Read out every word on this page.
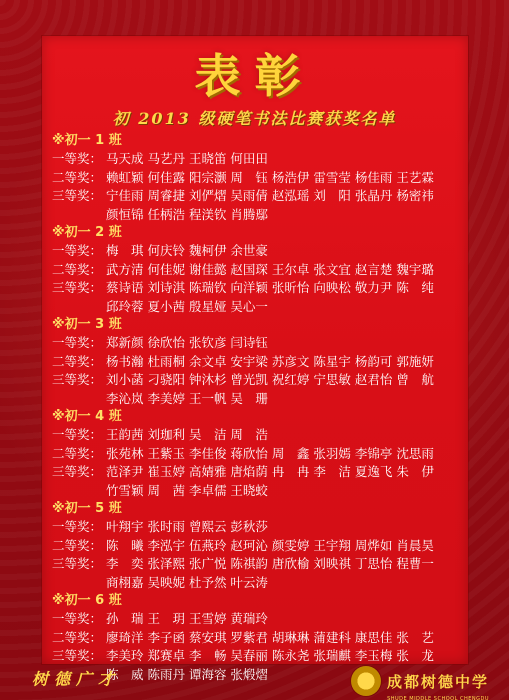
表彰
初 2013 级硬笔书法比赛获奖名单
※初一 1 班
一等奖： 马天成 马艺丹 王晓笛 何田田
二等奖： 赖虹颖 何佳露 阳宗灏 周　钰 杨浩伊 雷雪莹 杨佳雨 王艺霖
三等奖： 宁佳雨 周睿捷 刘俨熠 吴雨倩 赵泓瑶 刘　阳 张晶丹 杨密祎
颜恒锦 任柄浩 程渼钦 肖腾鄢
※初一 2 班
一等奖： 梅　琪 何庆铃 魏柯伊 余世豪
二等奖： 武方清 何佳妮 谢佳懿 赵国琛 王尔卓 张文宜 赵言楚 魏宇璐
三等奖： 蔡诗语 刘诗淇 陈瑞钦 向洋颖 张昕怡 向映松 敬力尹 陈　纯
邱玲蓉 夏小茜 殷星娅 吴心一
※初一 3 班
一等奖： 郑新颜 徐欣怡 张钦彦 闫诗钰
二等奖： 杨书瀚 杜雨桐 余文卓 安宇梁 苏彦文 陈星宇 杨韵可 郭施妍
三等奖： 刘小菡 刁骁阳 钟沐杉 曾光凯 祝红婷 宁思敏 赵君怡 曾　航
李沁岚 李美婷 王一帆 吴　珊
※初一 4 班
一等奖： 王韵茜 刘珈利 吴　洁 周　浩
二等奖： 张苑林 王紫玉 李佳俊 蒋欣怡 周　鑫 张羽嫣 李锦亭 沈思雨
三等奖： 范泽尹 崔玉婷 高婧雅 唐焰荫 冉　冉 李　洁 夏逸飞 朱　伊
竹雪颖 周　茜 李卓儒 王晓蛟
※初一 5 班
一等奖： 叶翔宇 张时雨 曾熙云 彭秋莎
二等奖： 陈　曦 李泓宇 伍燕玲 赵珂沁 颜雯婷 王宇翔 周烨如 肖晨昊
三等奖： 李　奕 张泽熙 张广悦 陈祺韵 唐欣榆 刘映祺 丁思怡 程曹一
商栩嘉 吴映妮 杜予然 叶云涛
※初一 6 班
一等奖： 孙　瑞 王　玥 王雪婷 黄瑞玲
二等奖： 廖琦洋 李子函 蔡安琪 罗紫君 胡琳琳 蒲建科 康思佳 张　艺
三等奖： 李美玲 郑赛卓 李　畅 吴春丽 陈永尧 张瑞麒 李玉梅 张　龙
陈　威 陈雨丹 谭海容 张煅熠
树德广才	成都树德中学
SHUDE MIDDLE SCHOOL CHENGDU
